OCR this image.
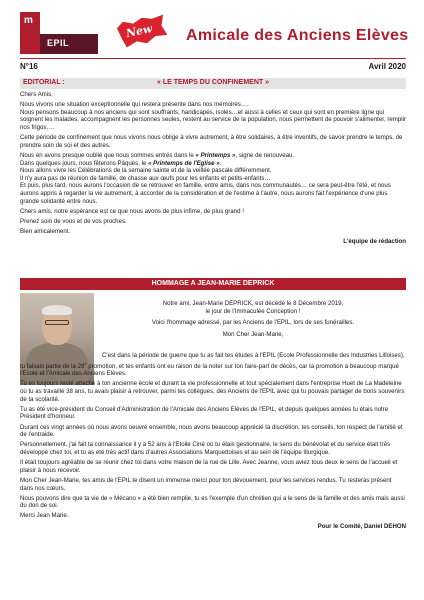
m
EPIL
New Amicale des Anciens Elèves
N°16	Avril 2020
EDITORIAL :	« LE TEMPS DU CONFINEMENT »

Chers Amis,

Nous vivons une situation exceptionnelle qui restera présente dans nos mémoires….

Nous pensons beaucoup à nos anciens qui sont souffrants, handicapés, isolés…et aussi à celles et ceux qui sont en première ligne qui soignent les malades, accompagnent les personnes seules, restent au service de la population, nous permettent de pouvoir s'alimenter, remplir nos frigos….

Cette période de confinement que nous vivons nous oblige à vivre autrement, à être solidaires, à être inventifs, de savoir prendre le temps, de prendre soin de soi et des autres.

Nous en avons presque oublié que nous sommes entrés dans le « Printemps », signe de renouveau.

Dans quelques jours, nous fêterons Pâques, le « Printemps de l'Eglise ».

Nous allons vivre les Célébrations de la semaine sainte et de la veillée pascale différemment.

Il n'y aura pas de réunion de famille, de chasse aux œufs pour les enfants et petits-enfants…

Et puis, plus tard, nous aurons l'occasion de se retrouver en famille, entre amis, dans nos communautés… ce sera peut-être l'été, et nous aurons appris à regarder la vie autrement, à accorder de la considération et de l'estime à l'autre, nous aurons fait l'expérience d'une plus grande solidarité entre nous.

Chers amis, notre espérance est ce que nous avons de plus infime, de plus grand !

Prenez soin de vous et de vos proches.

Bien amicalement.

L'équipe de rédaction
HOMMAGE A JEAN-MARIE DEPRICK

Notre ami, Jean-Marie DEPRICK, est décédé le 8 Décembre 2019,

le jour de l'Immaculée Conception !

Voici l'hommage adressé, par les Anciens de l'EPIL, lors de ses funérailles.

Mon Cher Jean-Marie,

C'est dans la période de guerre que tu as fait tes études à l'EPIL (Ecole Professionnelle des Industries Lilloises), tu faisais partie de la 29e promotion, et tes enfants ont eu raison de la noter sur ton faire-part de décès, car ta promotion a beaucoup marqué l'Ecole et l'Amicale des Anciens Elèves.

Tu es toujours resté attaché à ton ancienne école et durant ta vie professionnelle et tout spécialement dans l'entreprise Huet de La Madeleine où tu as travaillé 38 ans, tu avais plaisir à retrouver, parmi tes collègues, des Anciens de l'EPIL avec qui tu pouvais partager de bons souvenirs de ta scolarité.

Tu as été vice-président du Conseil d'Administration de l'Amicale des Anciens Elèves de l'EPIL, et depuis quelques années tu étais notre Président d'honneur.

Durant ces vingt années où nous avons oeuvré ensemble, nous avons beaucoup apprécié ta discrétion, tes conseils, ton respect de l'amitié et de l'entraide.

Personnellement, j'ai fait ta connaissance il y a 52 ans à l'Etoile Ciné où tu étais gestionnaire, le sens du bénévolat et du service était très développé chez toi, et tu as été très actif dans d'autres Associations Marquettoises et au sein de l'équipe liturgique.

Il était toujours agréable de se réunir chez toi dans votre maison de la rue de Lille. Avec Jeanne, vous aviez tous deux le sens de l'accueil et plaisir à nous recevoir.

Mon Cher Jean-Marie, tes amis de l'EPIL te disent un immense merci pour ton dévouement, pour les services rendus. Tu resteras présent dans nos cœurs.

Nous pouvons dire que ta vie de « Mécano » a été bien remplie, tu es l'exemple d'un chrétien qui a le sens de la famille et des amis mais aussi du don de soi.

Merci Jean Marie.

Pour le Comité, Daniel DEHON
